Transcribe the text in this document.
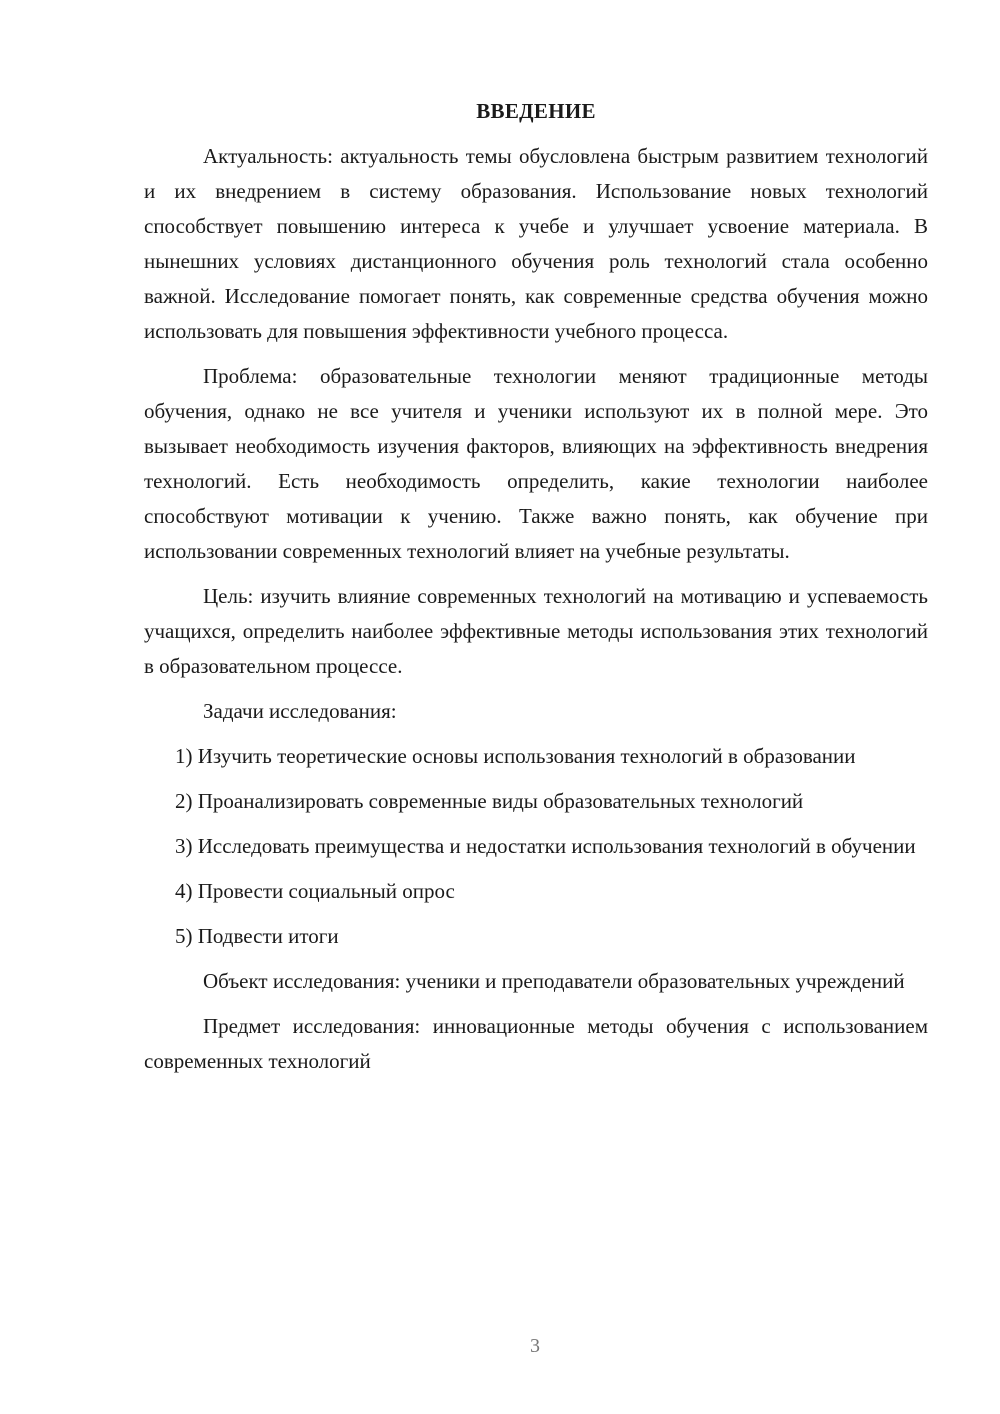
ВВЕДЕНИЕ

Актуальность: актуальность темы обусловлена быстрым развитием технологий и их внедрением в систему образования. Использование новых технологий способствует повышению интереса к учебе и улучшает усвоение материала. В нынешних условиях дистанционного обучения роль технологий стала особенно важной. Исследование помогает понять, как современные средства обучения можно использовать для повышения эффективности учебного процесса.

Проблема: образовательные технологии меняют традиционные методы обучения, однако не все учителя и ученики используют их в полной мере. Это вызывает необходимость изучения факторов, влияющих на эффективность внедрения технологий. Есть необходимость определить, какие технологии наиболее способствуют мотивации к учению. Также важно понять, как обучение при использовании современных технологий влияет на учебные результаты.

Цель: изучить влияние современных технологий на мотивацию и успеваемость учащихся, определить наиболее эффективные методы использования этих технологий в образовательном процессе.

Задачи исследования:

1) Изучить теоретические основы использования технологий в образовании

2) Проанализировать современные виды образовательных технологий

3) Исследовать преимущества и недостатки использования технологий в обучении

4) Провести социальный опрос

5) Подвести итоги

Объект исследования: ученики и преподаватели образовательных учреждений

Предмет исследования: инновационные методы обучения с использованием современных технологий

3
